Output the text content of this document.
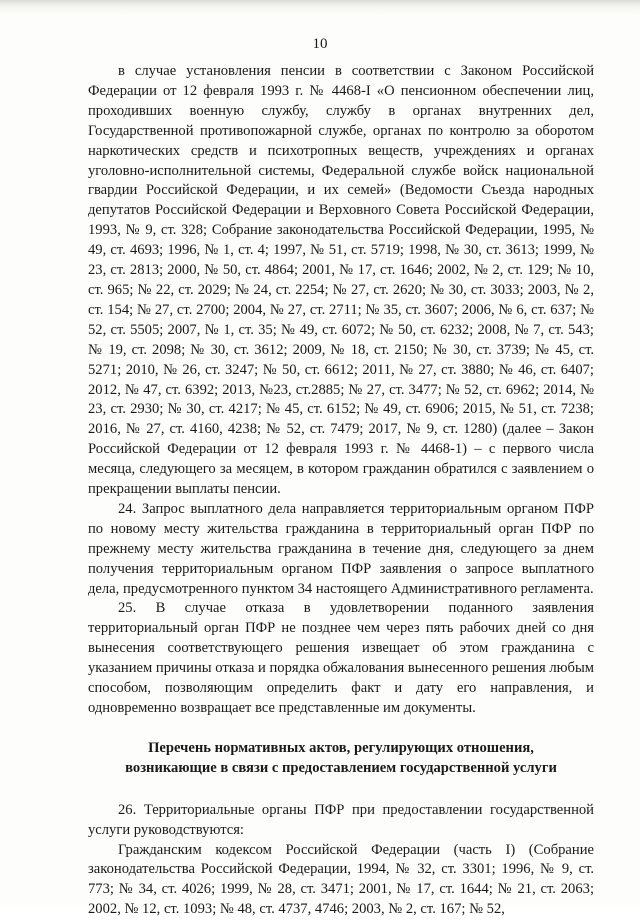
10

в случае установления пенсии в соответствии с Законом Российской Федерации от 12 февраля 1993 г. № 4468-I «О пенсионном обеспечении лиц, проходивших военную службу, службу в органах внутренних дел, Государственной противопожарной службе, органах по контролю за оборотом наркотических средств и психотропных веществ, учреждениях и органах уголовно-исполнительной системы, Федеральной службе войск национальной гвардии Российской Федерации, и их семей» (Ведомости Съезда народных депутатов Российской Федерации и Верховного Совета Российской Федерации, 1993, № 9, ст. 328; Собрание законодательства Российской Федерации, 1995, № 49, ст. 4693; 1996, № 1, ст. 4; 1997, № 51, ст. 5719; 1998, № 30, ст. 3613; 1999, № 23, ст. 2813; 2000, № 50, ст. 4864; 2001, № 17, ст. 1646; 2002, № 2, ст. 129; № 10, ст. 965; № 22, ст. 2029; № 24, ст. 2254; № 27, ст. 2620; № 30, ст. 3033; 2003, № 2, ст. 154; № 27, ст. 2700; 2004, № 27, ст. 2711; № 35, ст. 3607; 2006, № 6, ст. 637; № 52, ст. 5505; 2007, № 1, ст. 35; № 49, ст. 6072; № 50, ст. 6232; 2008, № 7, ст. 543; № 19, ст. 2098; № 30, ст. 3612; 2009, № 18, ст. 2150; № 30, ст. 3739; № 45, ст. 5271; 2010, № 26, ст. 3247; № 50, ст. 6612; 2011, № 27, ст. 3880; № 46, ст. 6407; 2012, № 47, ст. 6392; 2013, №23, ст.2885; № 27, ст. 3477; № 52, ст. 6962; 2014, № 23, ст. 2930; № 30, ст. 4217; № 45, ст. 6152; № 49, ст. 6906; 2015, № 51, ст. 7238; 2016, № 27, ст. 4160, 4238; № 52, ст. 7479; 2017, № 9, ст. 1280) (далее – Закон Российской Федерации от 12 февраля 1993 г. № 4468-1) – с первого числа месяца, следующего за месяцем, в котором гражданин обратился с заявлением о прекращении выплаты пенсии.

24. Запрос выплатного дела направляется территориальным органом ПФР по новому месту жительства гражданина в территориальный орган ПФР по прежнему месту жительства гражданина в течение дня, следующего за днем получения территориальным органом ПФР заявления о запросе выплатного дела, предусмотренного пунктом 34 настоящего Административного регламента.

25. В случае отказа в удовлетворении поданного заявления территориальный орган ПФР не позднее чем через пять рабочих дней со дня вынесения соответствующего решения извещает об этом гражданина с указанием причины отказа и порядка обжалования вынесенного решения любым способом, позволяющим определить факт и дату его направления, и одновременно возвращает все представленные им документы.

Перечень нормативных актов, регулирующих отношения,
возникающие в связи с предоставлением государственной услуги

26. Территориальные органы ПФР при предоставлении государственной услуги руководствуются:

Гражданским кодексом Российской Федерации (часть I) (Собрание законодательства Российской Федерации, 1994, № 32, ст. 3301; 1996, № 9, ст. 773; № 34, ст. 4026; 1999, № 28, ст. 3471; 2001, № 17, ст. 1644; № 21, ст. 2063; 2002, № 12, ст. 1093; № 48, ст. 4737, 4746; 2003, № 2, ст. 167; № 52,
